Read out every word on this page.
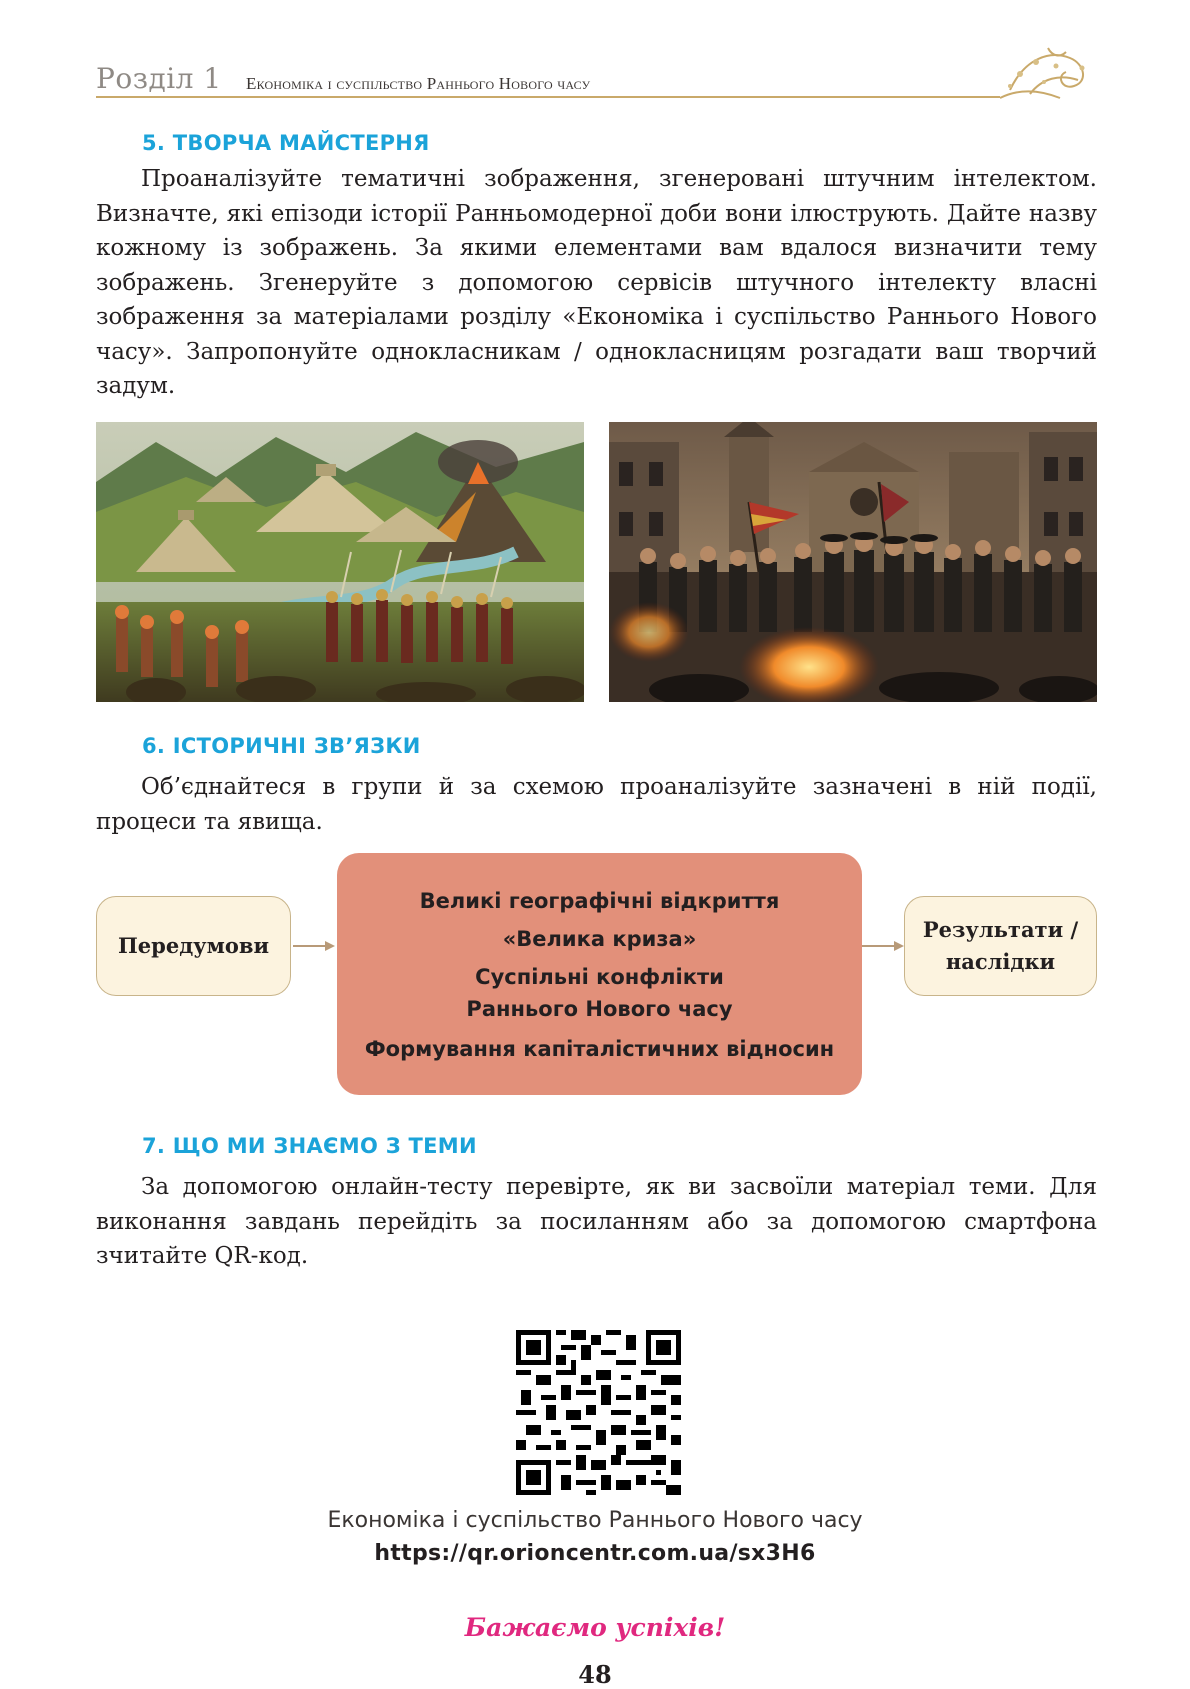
Розділ 1 Економіка і суспільство Раннього Нового часу
5. ТВОРЧА МАЙСТЕРНЯ

Проаналізуйте тематичні зображення, згенеровані штучним інтелектом. Визначте, які епізоди історії Ранньомодерної доби вони ілюструють. Дайте назву кожному із зображень. За якими елементами вам вдалося визначити тему зображень. Згенеруйте з допомогою сервісів штучного інтелекту власні зображення за матеріалами розділу «Економіка і суспільство Раннього Нового часу». Запропонуйте однокласникам / однокласницям розгадати ваш творчий задум.

6. ІСТОРИЧНІ ЗВ’ЯЗКИ

Об’єднайтеся в групи й за схемою проаналізуйте зазначені в ній події, процеси та явища.

Передумови
Великі географічні відкриття
«Велика криза»
Суспільні конфлікти
Раннього Нового часу
Формування капіталістичних відносин
Результати /
наслідки
7. ЩО МИ ЗНАЄМО З ТЕМИ

За допомогою онлайн-тесту перевірте, як ви засвоїли матеріал теми. Для виконання завдань перейдіть за посиланням або за допомогою смартфона зчитайте QR-код.

Економіка і суспільство Раннього Нового часу
https://qr.orioncentr.com.ua/sx3H6
Бажаємо успіхів!
48
